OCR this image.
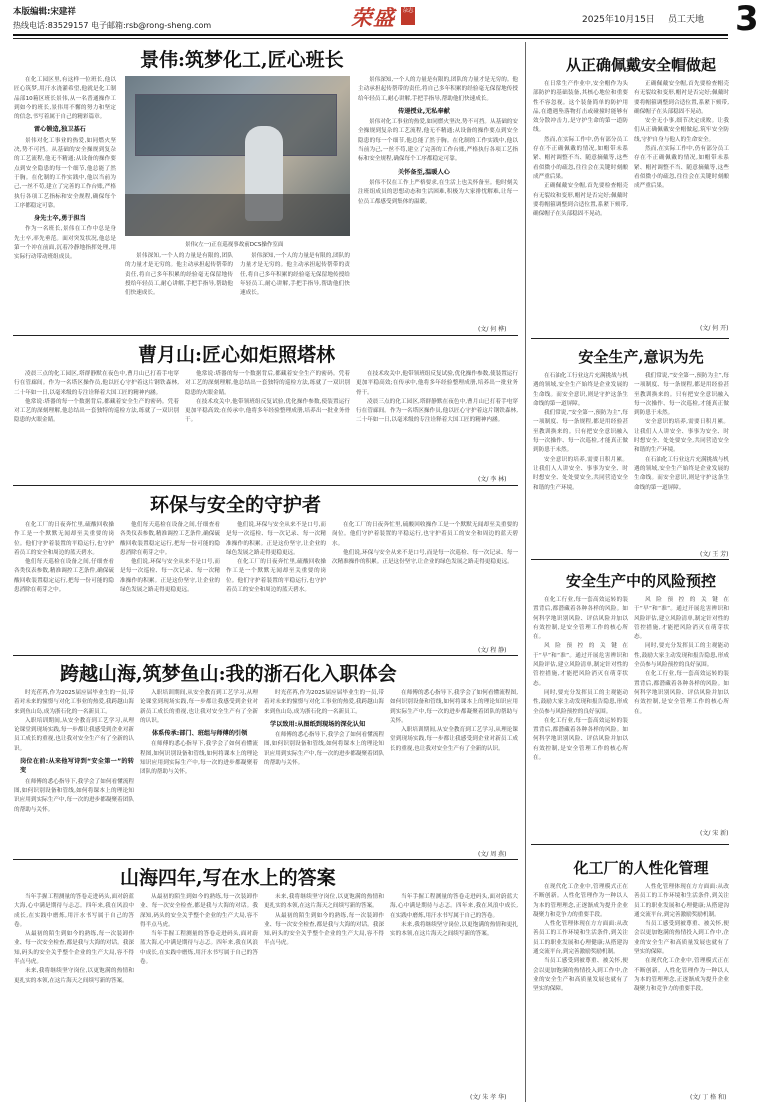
本版编辑:宋建祥
热线电话:83529157 电子邮箱:rsb@rong-sheng.com	荣盛 杂志
2025年10月15日 员工天地 3
景伟:筑梦化工,匠心班长

在化工园区里,有这样一位班长,他以匠心筑梦,用汗水浇灌希望,他就是化工制品部10箱区班长景伟,从一名普通操作工到如今的班长,景伟用不懈的努力和坚定的信念,书写着属于自己的精彩篇章。

雷心锻造,独卫基石

景伟对化工事业的热爱,如同燃火坚决,势不可挡。从基础的安全操规到复杂的工艺流程,他无不精通;从设备的操作要点到安全隐患的每一个细节,他总能了然于胸。在化制的工作实践中,他以当前为己,一丝不苟,建立了完善的工作台账,严格执行各项工艺指标和安全规程,确保每个工序都稳定可靠。

身先士卒,勇于担当

作为一名班长,景伟在工作中总是身先士卒,率先垂范。面对突发状况,他总是第一个冲在前面,沉着冷静地指挥处理,用实际行动带动班组成员。

景伟(左一)正在巡视事故前DCS操作室面

景伟深知,一个人的力量是有限的,团队的力量才是无穷的。他主动承担起传帮带的责任,将自己多年积累的经验毫无保留地传授给年轻员工,耐心讲解,手把手指导,帮助他们快速成长。

景伟深知,一个人的力量是有限的,团队的力量才是无穷的。他主动承担起传帮带的责任,将自己多年积累的经验毫无保留地传授给年轻员工,耐心讲解,手把手指导,帮助他们快速成长。

景伟深知,一个人的力量是有限的,团队的力量才是无穷的。他主动承担起传帮带的责任,将自己多年积累的经验毫无保留地传授给年轻员工,耐心讲解,手把手指导,帮助他们快速成长。

传递授业,无私奉献

景伟对化工事业的热爱,如同燃火坚决,势不可挡。从基础的安全操规到复杂的工艺流程,他无不精通;从设备的操作要点到安全隐患的每一个细节,他总能了然于胸。在化制的工作实践中,他以当前为己,一丝不苟,建立了完善的工作台账,严格执行各项工艺指标和安全规程,确保每个工序都稳定可靠。

关怀备至,温暖人心

景伟不仅在工作上严格要求,在生活上也关怀备至。他时刻关注班组成员的思想动态和生活困难,积极为大家排忧解难,让每一位员工都感受到集体的温暖。

(文/ 何 桦)
曹月山:匠心如炬照塔林

凌晨三点的化工园区,塔群静默在夜色中,曹月山已打着手电穿行在管廊间。作为一名塔区操作员,他以匠心守护着这片钢铁森林,二十年如一日,以毫米级的专注诠释着大国工匠的精神内涵。

他常说:塔器的每一个数据背后,都藏着安全生产的密码。凭着对工艺的深刻理解,他总结出一套独特的巡检方法,练就了一双识别隐患的火眼金睛。

他常说:塔器的每一个数据背后,都藏着安全生产的密码。凭着对工艺的深刻理解,他总结出一套独特的巡检方法,练就了一双识别隐患的火眼金睛。

在技术攻关中,他带领班组反复试验,优化操作参数,使装置运行更加平稳高效;在传承中,他将多年经验整理成册,培养出一批业务骨干。

在技术攻关中,他带领班组反复试验,优化操作参数,使装置运行更加平稳高效;在传承中,他将多年经验整理成册,培养出一批业务骨干。

凌晨三点的化工园区,塔群静默在夜色中,曹月山已打着手电穿行在管廊间。作为一名塔区操作员,他以匠心守护着这片钢铁森林,二十年如一日,以毫米级的专注诠释着大国工匠的精神内涵。

(文/ 李 林)
环保与安全的守护者

在化工厂的日夜奔忙里,硫酸回收操作工是一个默默无闻却至关重要的岗位。他们守护着装置的平稳运行,也守护着员工的安全和周边的蓝天碧水。

他们每天巡检在设备之间,仔细查看各类仪表参数,精准调控工艺条件,确保硫酸回收装置稳定运行,把每一份可能的隐患消除在萌芽之中。

他们每天巡检在设备之间,仔细查看各类仪表参数,精准调控工艺条件,确保硫酸回收装置稳定运行,把每一份可能的隐患消除在萌芽之中。

他们说,环保与安全从来不是口号,而是每一次巡检、每一次记录、每一次精准操作的积累。正是这份坚守,让企业的绿色发展之路走得更稳更远。

他们说,环保与安全从来不是口号,而是每一次巡检、每一次记录、每一次精准操作的积累。正是这份坚守,让企业的绿色发展之路走得更稳更远。

在化工厂的日夜奔忙里,硫酸回收操作工是一个默默无闻却至关重要的岗位。他们守护着装置的平稳运行,也守护着员工的安全和周边的蓝天碧水。

在化工厂的日夜奔忙里,硫酸回收操作工是一个默默无闻却至关重要的岗位。他们守护着装置的平稳运行,也守护着员工的安全和周边的蓝天碧水。

他们说,环保与安全从来不是口号,而是每一次巡检、每一次记录、每一次精准操作的积累。正是这份坚守,让企业的绿色发展之路走得更稳更远。

(文/ 程 静)
跨越山海,筑梦鱼山:我的浙石化入职体会

时光荏苒,作为2025届应届毕业生的一员,带着对未来的憧憬与对化工事业的热爱,我跨越山海来到鱼山岛,成为浙石化的一名新员工。

入职培训期间,从安全教育到工艺学习,从理论课堂到现场实践,每一步都让我感受到企业对新员工成长的重视,也让我对安全生产有了全新的认识。

岗位在前:从来他写诗到“安全第一”的转变

在师傅的悉心指导下,我学会了如何看懂流程图,如何识别设备和管线,如何将课本上的理论知识应用到实际生产中,每一次的进步都凝聚着团队的帮助与关怀。

入职培训期间,从安全教育到工艺学习,从理论课堂到现场实践,每一步都让我感受到企业对新员工成长的重视,也让我对安全生产有了全新的认识。

体系传承:部门、班组与师傅的引领

在师傅的悉心指导下,我学会了如何看懂流程图,如何识别设备和管线,如何将课本上的理论知识应用到实际生产中,每一次的进步都凝聚着团队的帮助与关怀。

时光荏苒,作为2025届应届毕业生的一员,带着对未来的憧憬与对化工事业的热爱,我跨越山海来到鱼山岛,成为浙石化的一名新员工。

学以致用:从图纸到现场的深化认知

在师傅的悉心指导下,我学会了如何看懂流程图,如何识别设备和管线,如何将课本上的理论知识应用到实际生产中,每一次的进步都凝聚着团队的帮助与关怀。

在师傅的悉心指导下,我学会了如何看懂流程图,如何识别设备和管线,如何将课本上的理论知识应用到实际生产中,每一次的进步都凝聚着团队的帮助与关怀。

入职培训期间,从安全教育到工艺学习,从理论课堂到现场实践,每一步都让我感受到企业对新员工成长的重视,也让我对安全生产有了全新的认识。

(文/ 周 燕)
山海四年,写在水上的答案

当年手握工程测量的答卷走进码头,面对蔚蓝大海,心中满是期待与忐忑。四年来,我在风浪中成长,在实践中磨炼,用汗水书写属于自己的答卷。

从最初的陌生到如今的熟练,每一次装卸作业、每一次安全检查,都是我与大海的对话。我深知,码头的安全关乎整个企业的生产大局,容不得半点马虎。

未来,我将继续坚守岗位,以更饱满的热情和更扎实的本领,在这片海天之间续写新的答案。

从最初的陌生到如今的熟练,每一次装卸作业、每一次安全检查,都是我与大海的对话。我深知,码头的安全关乎整个企业的生产大局,容不得半点马虎。

当年手握工程测量的答卷走进码头,面对蔚蓝大海,心中满是期待与忐忑。四年来,我在风浪中成长,在实践中磨炼,用汗水书写属于自己的答卷。

未来,我将继续坚守岗位,以更饱满的热情和更扎实的本领,在这片海天之间续写新的答案。

从最初的陌生到如今的熟练,每一次装卸作业、每一次安全检查,都是我与大海的对话。我深知,码头的安全关乎整个企业的生产大局,容不得半点马虎。

当年手握工程测量的答卷走进码头,面对蔚蓝大海,心中满是期待与忐忑。四年来,我在风浪中成长,在实践中磨炼,用汗水书写属于自己的答卷。

未来,我将继续坚守岗位,以更饱满的热情和更扎实的本领,在这片海天之间续写新的答案。

(文/ 朱 孝 华)
从正确佩戴安全帽做起

在日常生产作业中,安全帽作为头部防护的基础装备,其核心地位和重要性不容忽视。这个装备简单的防护用品,在遭遇坠落物打击或碰撞时能够有效分散冲击力,是守护生命的第一道防线。

然而,在实际工作中,仍有部分员工存在不正确佩戴的情况,如帽带未系紧、帽衬调整不当、随意摘戴等,这些看似微小的疏忽,往往会在关键时刻酿成严重后果。

正确佩戴安全帽,首先要检查帽壳有无裂纹和变形,帽衬是否完好;佩戴时要将帽箍调整到合适位置,系紧下颏带,确保帽子在头部稳固不晃动。

正确佩戴安全帽,首先要检查帽壳有无裂纹和变形,帽衬是否完好;佩戴时要将帽箍调整到合适位置,系紧下颏带,确保帽子在头部稳固不晃动。

安全无小事,细节决定成败。让我们从正确佩戴安全帽做起,筑牢安全防线,守护自身与他人的生命安全。

然而,在实际工作中,仍有部分员工存在不正确佩戴的情况,如帽带未系紧、帽衬调整不当、随意摘戴等,这些看似微小的疏忽,往往会在关键时刻酿成严重后果。

(文/ 何 开)
安全生产,意识为先

在石油化工行业这片充满挑战与机遇的领域,安全生产始终是企业发展的生命线。而安全意识,则是守护这条生命线的第一道屏障。

我们常说,“安全第一,预防为主”,每一项制度、每一条规程,都是用经验甚至教训换来的。只有把安全意识融入每一次操作、每一次巡检,才能真正做到防患于未然。

安全意识的培养,需要日积月累。让我们人人讲安全、事事为安全、时时想安全、处处要安全,共同营造安全和谐的生产环境。

我们常说,“安全第一,预防为主”,每一项制度、每一条规程,都是用经验甚至教训换来的。只有把安全意识融入每一次操作、每一次巡检,才能真正做到防患于未然。

安全意识的培养,需要日积月累。让我们人人讲安全、事事为安全、时时想安全、处处要安全,共同营造安全和谐的生产环境。

在石油化工行业这片充满挑战与机遇的领域,安全生产始终是企业发展的生命线。而安全意识,则是守护这条生命线的第一道屏障。

(文/ 王 芳)
安全生产中的风险预控

在化工行业,每一套高效运转的装置背后,都潜藏着各种各样的风险。如何科学地识别风险、评估风险并加以有效控制,是安全管理工作的核心所在。

风险预控的关键在于“早”和“准”。通过开展危害辨识和风险评估,建立风险清单,制定针对性的管控措施,才能把风险消灭在萌芽状态。

同时,要充分发挥员工的主观能动性,鼓励大家主动发现和报告隐患,形成全员参与风险预控的良好氛围。

在化工行业,每一套高效运转的装置背后,都潜藏着各种各样的风险。如何科学地识别风险、评估风险并加以有效控制,是安全管理工作的核心所在。

风险预控的关键在于“早”和“准”。通过开展危害辨识和风险评估,建立风险清单,制定针对性的管控措施,才能把风险消灭在萌芽状态。

同时,要充分发挥员工的主观能动性,鼓励大家主动发现和报告隐患,形成全员参与风险预控的良好氛围。

在化工行业,每一套高效运转的装置背后,都潜藏着各种各样的风险。如何科学地识别风险、评估风险并加以有效控制,是安全管理工作的核心所在。

(文/ 宋 新)
化工厂的人性化管理

在现代化工企业中,管理模式正在不断创新。人性化管理作为一种以人为本的管理理念,正逐渐成为提升企业凝聚力和竞争力的重要手段。

人性化管理体现在方方面面:从改善员工的工作环境和生活条件,到关注员工的职业发展和心理健康;从搭建沟通交流平台,到完善激励奖励机制。

当员工感受到被尊重、被关怀,便会以更加饱满的热情投入到工作中,企业的安全生产和高质量发展也就有了坚实的保障。

人性化管理体现在方方面面:从改善员工的工作环境和生活条件,到关注员工的职业发展和心理健康;从搭建沟通交流平台,到完善激励奖励机制。

当员工感受到被尊重、被关怀,便会以更加饱满的热情投入到工作中,企业的安全生产和高质量发展也就有了坚实的保障。

在现代化工企业中,管理模式正在不断创新。人性化管理作为一种以人为本的管理理念,正逐渐成为提升企业凝聚力和竞争力的重要手段。

(文/ 丁 格 和)
